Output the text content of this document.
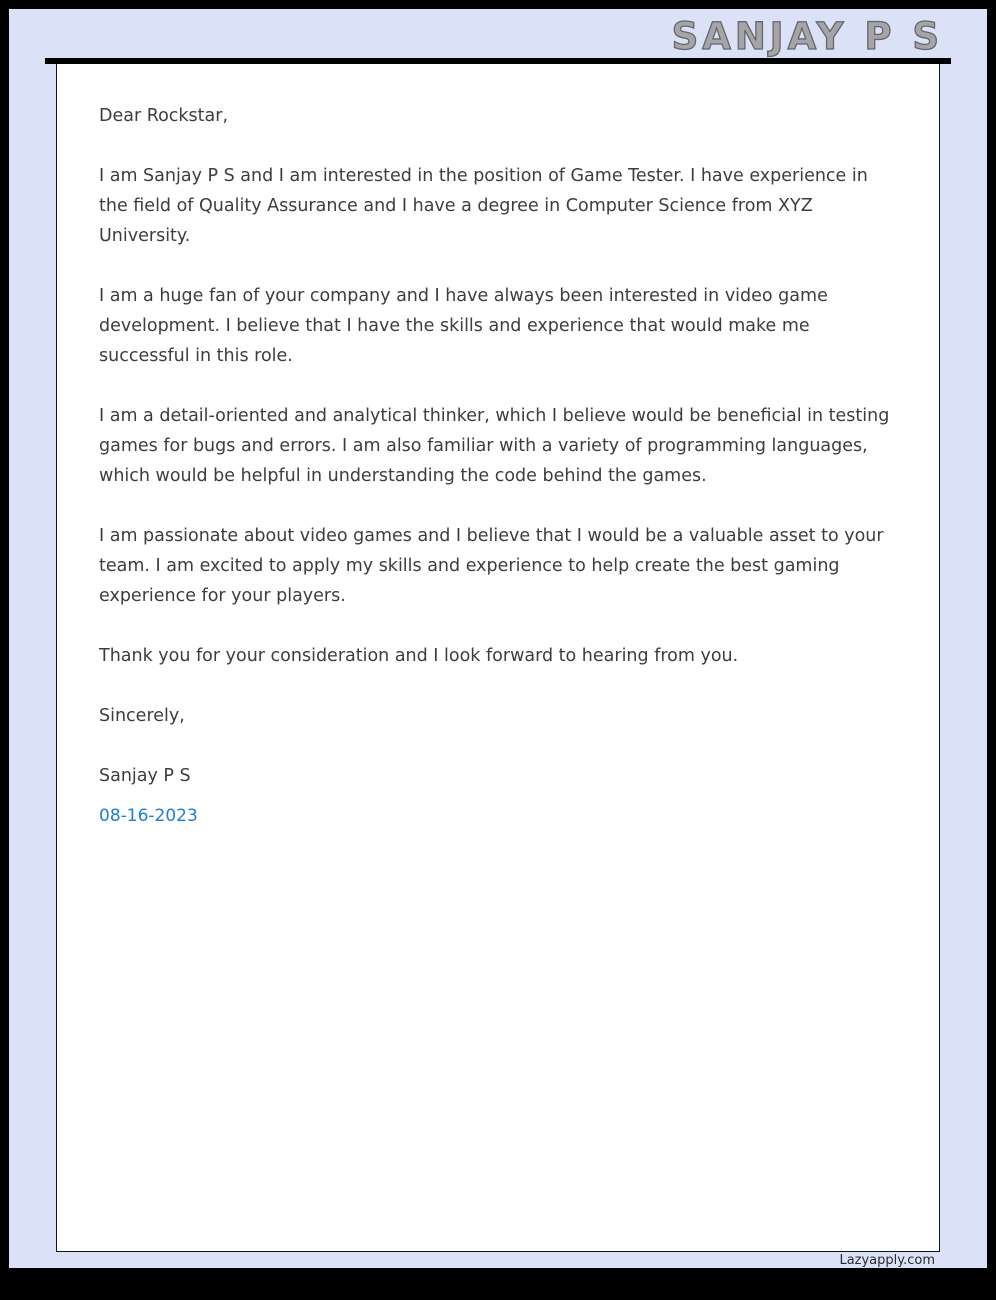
SANJAY P S

Dear Rockstar,

I am Sanjay P S and I am interested in the position of Game Tester. I have experience in the field of Quality Assurance and I have a degree in Computer Science from XYZ University.

I am a huge fan of your company and I have always been interested in video game development. I believe that I have the skills and experience that would make me successful in this role.

I am a detail-oriented and analytical thinker, which I believe would be beneficial in testing games for bugs and errors. I am also familiar with a variety of programming languages, which would be helpful in understanding the code behind the games.

I am passionate about video games and I believe that I would be a valuable asset to your team. I am excited to apply my skills and experience to help create the best gaming experience for your players.

Thank you for your consideration and I look forward to hearing from you.

Sincerely,

Sanjay P S

08-16-2023

Lazyapply.com
